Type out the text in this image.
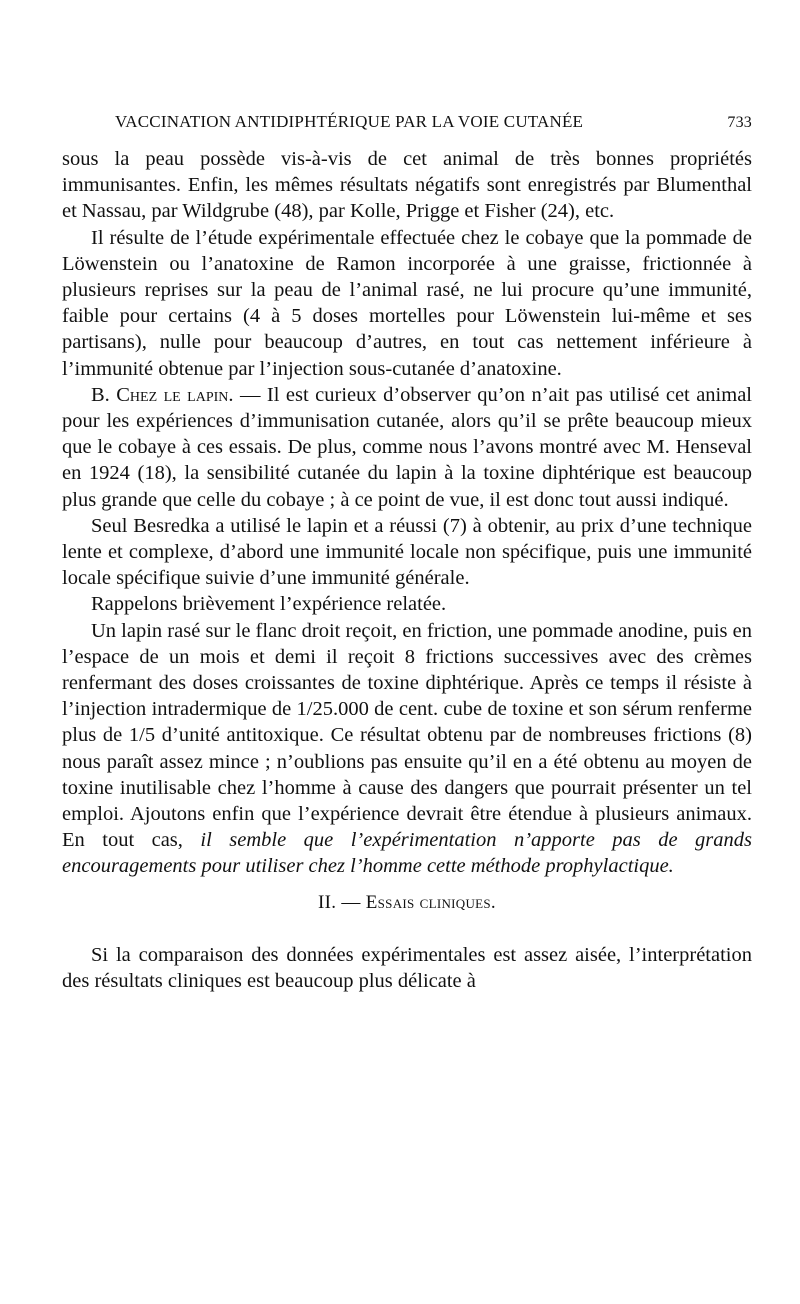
VACCINATION ANTIDIPHTÉRIQUE PAR LA VOIE CUTANÉE	733

sous la peau possède vis-à-vis de cet animal de très bonnes propriétés immunisantes. Enfin, les mêmes résultats négatifs sont enregistrés par Blumenthal et Nassau, par Wildgrube (48), par Kolle, Prigge et Fisher (24), etc.

Il résulte de l’étude expérimentale effectuée chez le cobaye que la pommade de Löwenstein ou l’anatoxine de Ramon incorporée à une graisse, frictionnée à plusieurs reprises sur la peau de l’animal rasé, ne lui procure qu’une immunité, faible pour certains (4 à 5 doses mortelles pour Löwenstein lui-même et ses partisans), nulle pour beaucoup d’autres, en tout cas nettement inférieure à l’immunité obtenue par l’injection sous-cutanée d’anatoxine.

B. Chez le lapin. — Il est curieux d’observer qu’on n’ait pas utilisé cet animal pour les expériences d’immunisation cutanée, alors qu’il se prête beaucoup mieux que le cobaye à ces essais. De plus, comme nous l’avons montré avec M. Henseval en 1924 (18), la sensibilité cutanée du lapin à la toxine diphtérique est beaucoup plus grande que celle du cobaye ; à ce point de vue, il est donc tout aussi indiqué.

Seul Besredka a utilisé le lapin et a réussi (7) à obtenir, au prix d’une technique lente et complexe, d’abord une immunité locale non spécifique, puis une immunité locale spécifique suivie d’une immunité générale.

Rappelons brièvement l’expérience relatée.

Un lapin rasé sur le flanc droit reçoit, en friction, une pommade anodine, puis en l’espace de un mois et demi il reçoit 8 frictions successives avec des crèmes renfermant des doses croissantes de toxine diphtérique. Après ce temps il résiste à l’injection intradermique de 1/25.000 de cent. cube de toxine et son sérum renferme plus de 1/5 d’unité antitoxique. Ce résultat obtenu par de nombreuses frictions (8) nous paraît assez mince ; n’oublions pas ensuite qu’il en a été obtenu au moyen de toxine inutilisable chez l’homme à cause des dangers que pourrait présenter un tel emploi. Ajoutons enfin que l’expérience devrait être étendue à plusieurs animaux. En tout cas, il semble que l’expérimentation n’apporte pas de grands encouragements pour utiliser chez l’homme cette méthode prophylactique.

II. — Essais cliniques.

Si la comparaison des données expérimentales est assez aisée, l’interprétation des résultats cliniques est beaucoup plus délicate à
